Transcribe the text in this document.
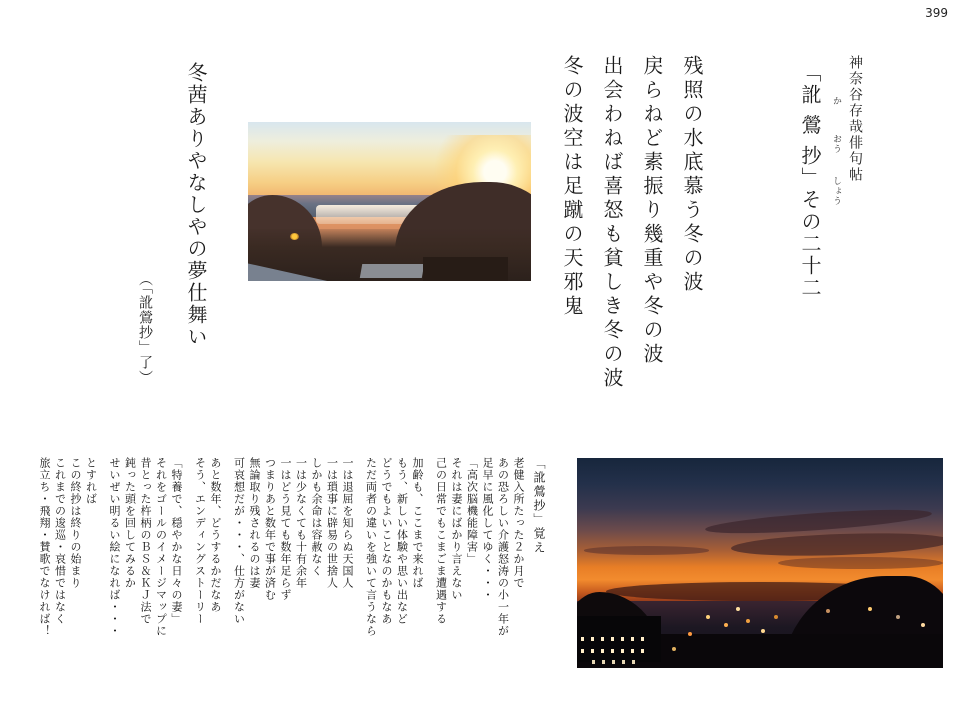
399
神奈谷存哉俳句帖
「訛 鶯 抄」その二十二	か
おう
しょう
残照の水底慕う冬の波
戻らねど素振り幾重や冬の波
出会わねば喜怒も貧しき冬の波
冬の波空は足蹴の天邪鬼
冬茜ありやなしやの夢仕舞い
（「訛鶯抄」了）
「訛鶯抄」覚え
老健入所たった２か月で
あの恐ろしい介護怒涛の小一年が
足早に風化してゆく・・・
「高次脳機能障害」
それは妻にばかり言えない
己の日常でもこまごま遭遇する
加齢も、ここまで来れば
もう、新しい体験や思い出など
どうでもよいことなのかもなあ
ただ両者の違いを強いて言うなら
一は退屈を知らぬ天国人
一は瑣事に辟易の世捨人
しかも余命は容赦なく
一は少なくても十有余年
一はどう見ても数年足らず
つまりあと数年で事が済む
無論取り残されるのは妻
可哀想だが・・・、仕方がない
あと数年、どうするかだなあ
そう、エンディングストーリー
「特養で、穏やかな日々の妻」
それをゴールのイメージマップに
昔とった杵柄のＢＳ＆ＫＪ法で
鈍った頭を回してみるか
せいぜい明るい絵になれば・・・
とすれば
この終抄は終りの始まり
これまでの逡巡・哀惜ではなく
旅立ち・飛翔・賛歌でなければ！
